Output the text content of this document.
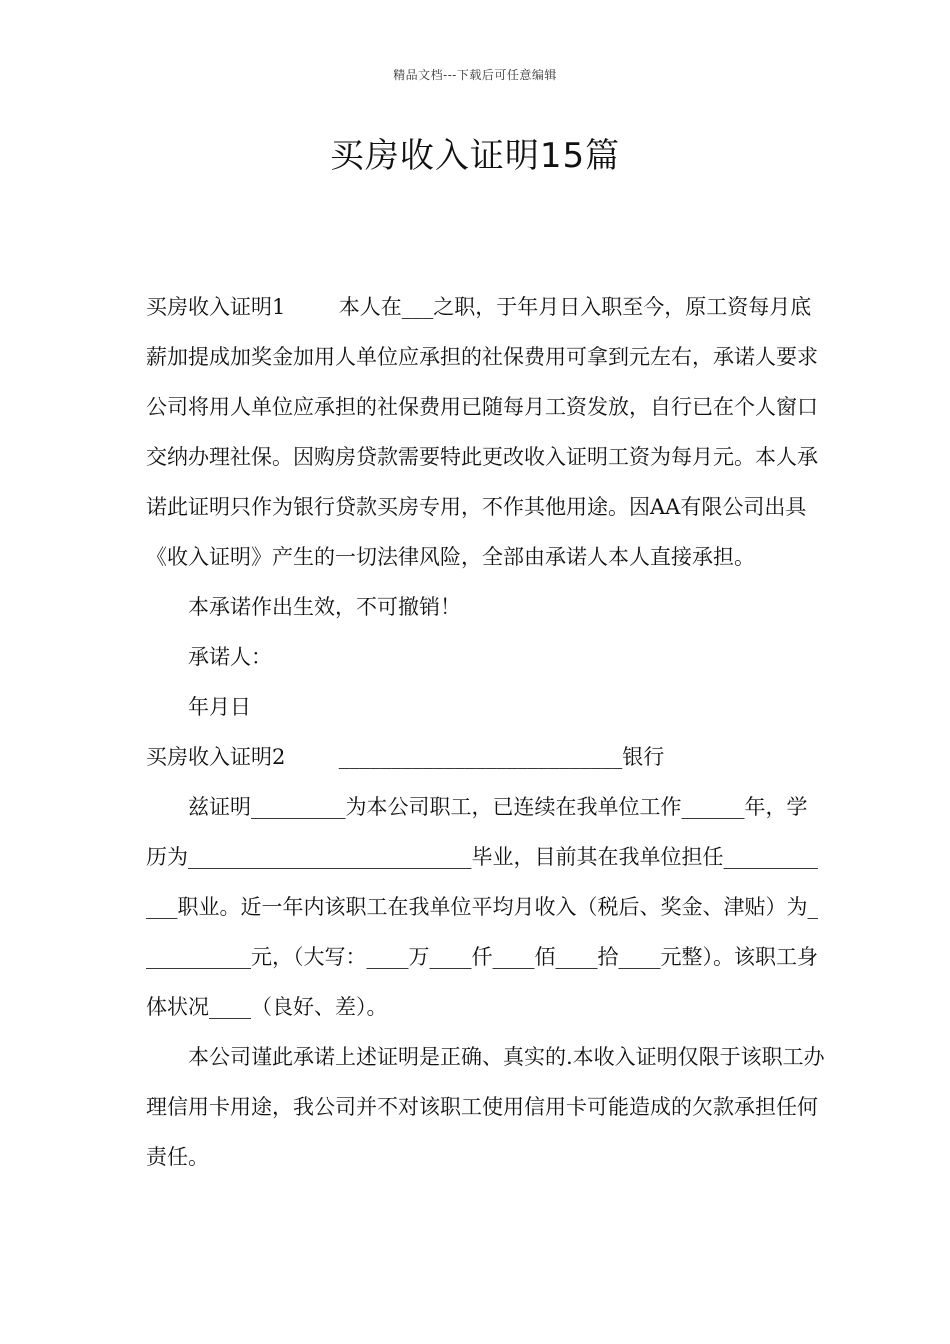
精品文档---下载后可任意编辑
买房收入证明15篇

买房收入证明1        本人在___之职，于年月日入职至今，原工资每月底薪加提成加奖金加用人单位应承担的社保费用可拿到元左右，承诺人要求公司将用人单位应承担的社保费用已随每月工资发放，自行已在个人窗口交纳办理社保。因购房贷款需要特此更改收入证明工资为每月元。本人承诺此证明只作为银行贷款买房专用，不作其他用途。因AA有限公司出具《收入证明》产生的一切法律风险，全部由承诺人本人直接承担。

本承诺作出生效，不可撤销！

承诺人：

年月日

买房收入证明2        ___________________________银行

兹证明_________为本公司职工，已连续在我单位工作______年，学历为___________________________毕业，目前其在我单位担任____________职业。近一年内该职工在我单位平均月收入（税后、奖金、津贴）为___________元，（大写：____万____仟____佰____拾____元整）。该职工身体状况____（良好、差）。

本公司谨此承诺上述证明是正确、真实的.本收入证明仅限于该职工办理信用卡用途，我公司并不对该职工使用信用卡可能造成的欠款承担任何责任。
